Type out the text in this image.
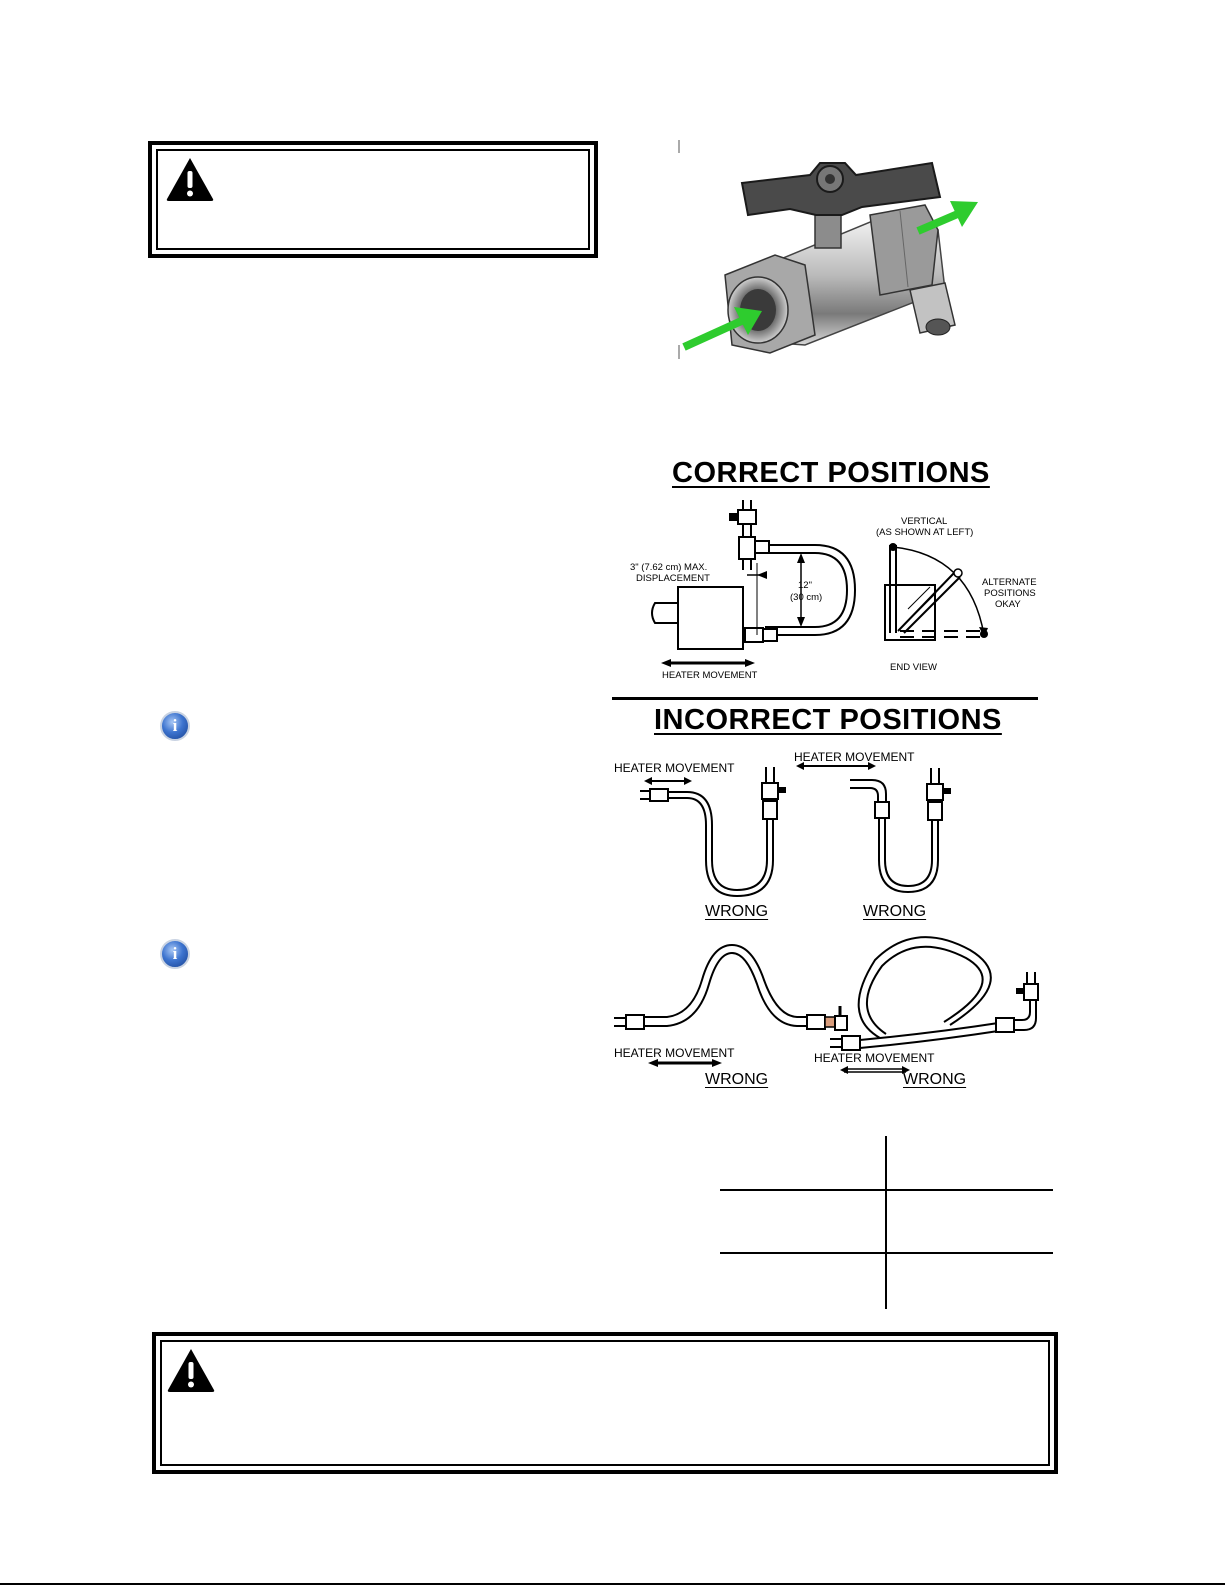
CORRECT POSITIONS
3" (7.62 cm) MAX.
DISPLACEMENT
12"
(30 cm)
HEATER MOVEMENT
VERTICAL
(AS SHOWN AT LEFT)
ALTERNATE
POSITIONS
OKAY
END VIEW
INCORRECT POSITIONS
i
i
HEATER MOVEMENT
WRONG
HEATER MOVEMENT
WRONG
HEATER MOVEMENT
WRONG
HEATER MOVEMENT
WRONG
